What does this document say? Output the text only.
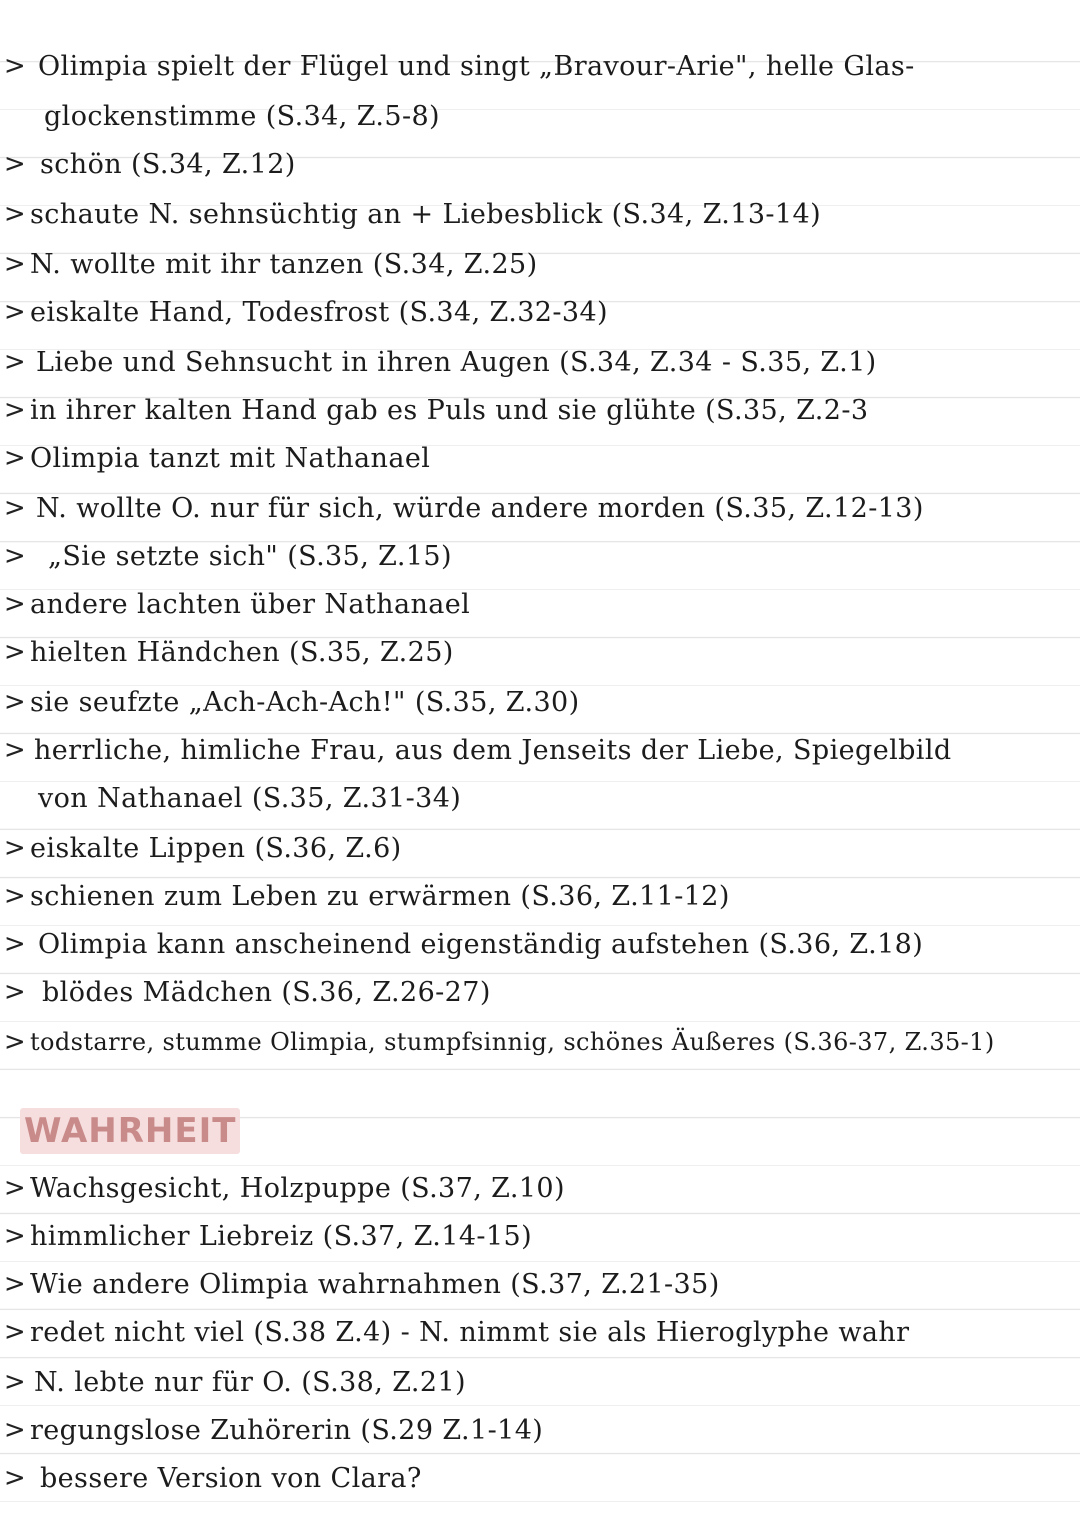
> Olimpia spielt der Flügel und singt „Bravour-Arie", helle Glas-
glockenstimme (S.34, Z.5-8)
> schön (S.34, Z.12)
> schaute N. sehnsüchtig an + Liebesblick (S.34, Z.13-14)
> N. wollte mit ihr tanzen (S.34, Z.25)
> eiskalte Hand, Todesfrost (S.34, Z.32-34)
> Liebe und Sehnsucht in ihren Augen (S.34, Z.34 - S.35, Z.1)
> in ihrer kalten Hand gab es Puls und sie glühte (S.35, Z.2-3
> Olimpia tanzt mit Nathanael
> N. wollte O. nur für sich, würde andere morden (S.35, Z.12-13)
> „Sie setzte sich" (S.35, Z.15)
> andere lachten über Nathanael
> hielten Händchen (S.35, Z.25)
> sie seufzte „Ach-Ach-Ach!" (S.35, Z.30)
> herrliche, himliche Frau, aus dem Jenseits der Liebe, Spiegelbild
von Nathanael (S.35, Z.31-34)
> eiskalte Lippen (S.36, Z.6)
> schienen zum Leben zu erwärmen (S.36, Z.11-12)
> Olimpia kann anscheinend eigenständig aufstehen (S.36, Z.18)
> blödes Mädchen (S.36, Z.26-27)
> todstarre, stumme Olimpia, stumpfsinnig, schönes Äußeres (S.36-37, Z.35-1)
WAHRHEIT
> Wachsgesicht, Holzpuppe (S.37, Z.10)
> himmlicher Liebreiz (S.37, Z.14-15)
> Wie andere Olimpia wahrnahmen (S.37, Z.21-35)
> redet nicht viel (S.38 Z.4) - N. nimmt sie als Hieroglyphe wahr
> N. lebte nur für O. (S.38, Z.21)
> regungslose Zuhörerin (S.29 Z.1-14)
> bessere Version von Clara?
